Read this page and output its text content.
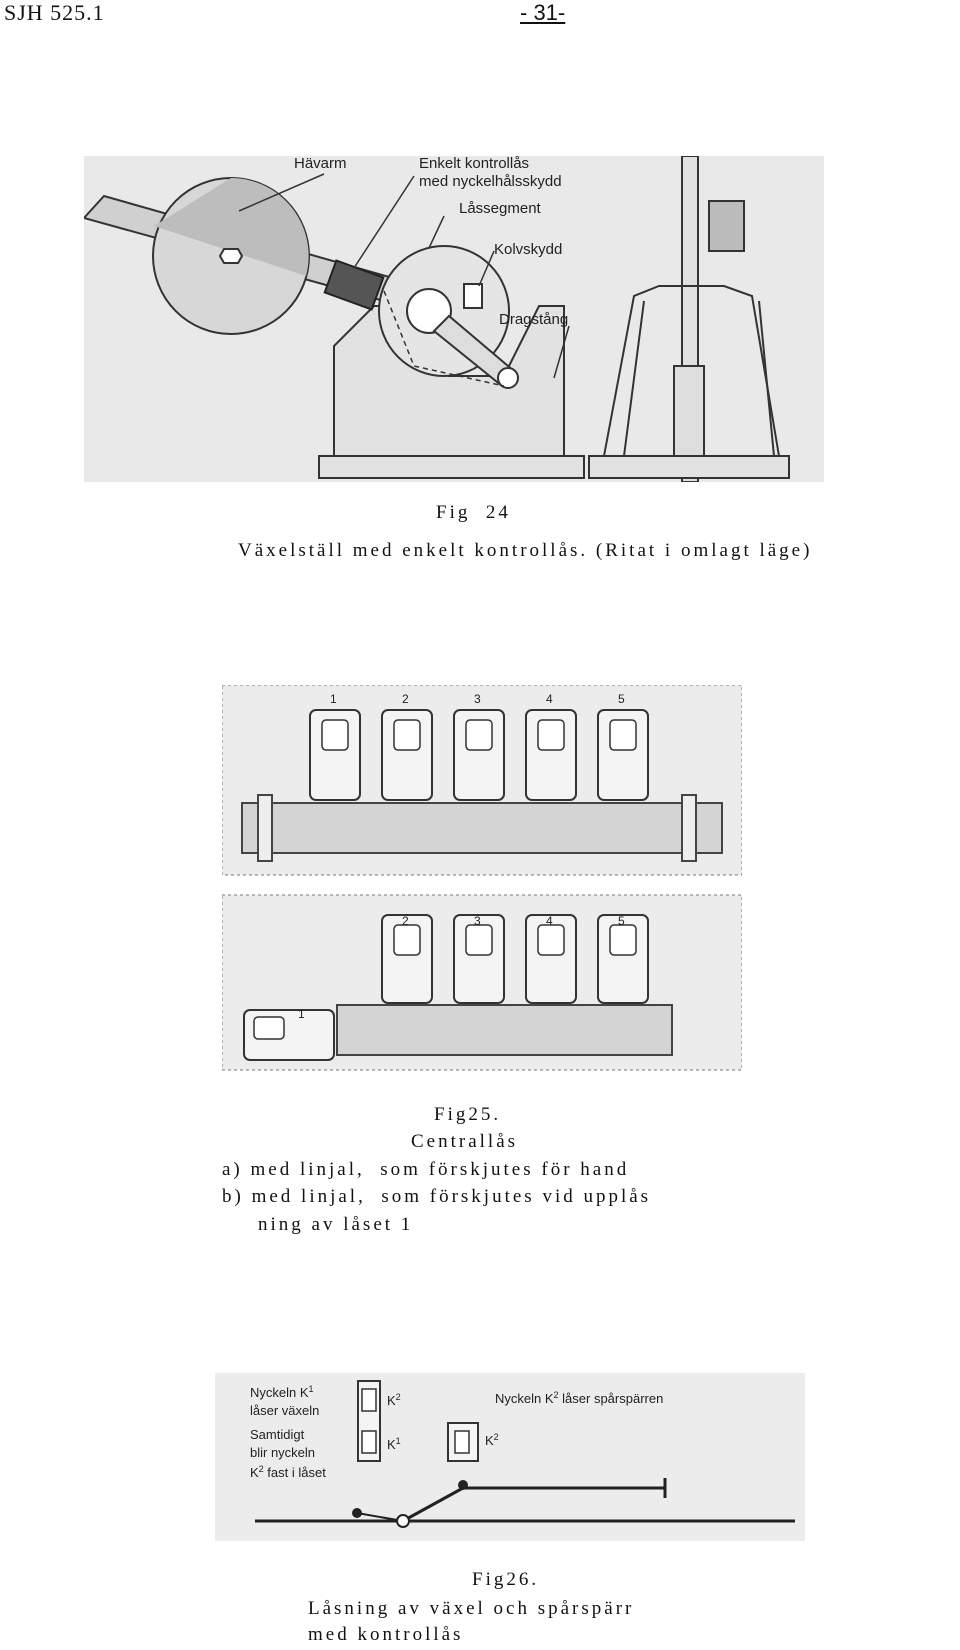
SJH 525.1	- 31-
Hävarm	Enkelt kontrollås
med nyckelhålsskydd
Låssegment
Kolvskydd
Dragstång
Fig  24
Växelställ med enkelt kontrollås. (Ritat i omlagt läge)
1	2	3	4	5
1
2	3	4	5
Fig25.
Centrallås
a) med linjal,  som förskjutes för hand
b) med linjal,  som förskjutes vid upplås
ning av låset 1
Nyckeln $K^1$
låser växeln
Samtidigt
blir nyckeln
$K^2$ fast i låset
$K^2$
$K^1$	$K^2$
Nyckeln $K^2$ låser spårspärren
Fig26.
Låsning av växel och spårspärr
med kontrollås
